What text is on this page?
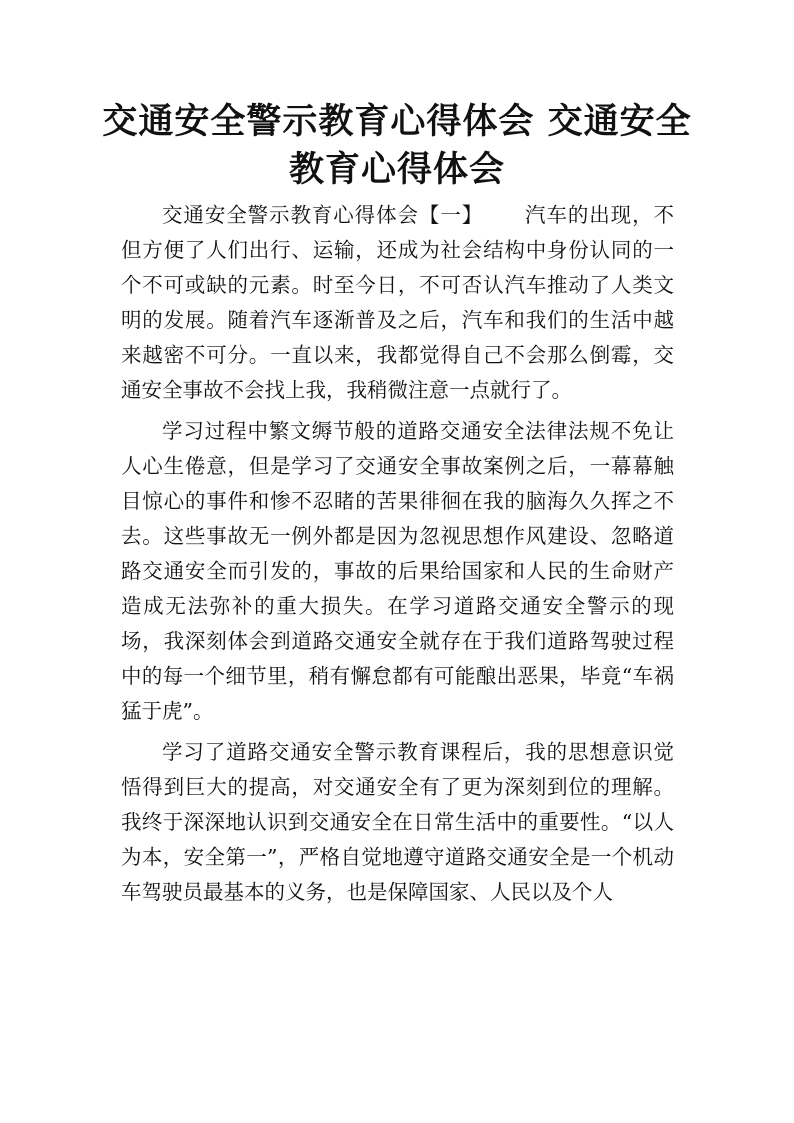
交通安全警示教育心得体会 交通安全教育心得体会

交通安全警示教育心得体会【一】 汽车的出现，不但方便了人们出行、运输，还成为社会结构中身份认同的一个不可或缺的元素。时至今日，不可否认汽车推动了人类文明的发展。随着汽车逐渐普及之后，汽车和我们的生活中越来越密不可分。一直以来，我都觉得自己不会那么倒霉，交通安全事故不会找上我，我稍微注意一点就行了。

学习过程中繁文缛节般的道路交通安全法律法规不免让人心生倦意，但是学习了交通安全事故案例之后，一幕幕触目惊心的事件和惨不忍睹的苦果徘徊在我的脑海久久挥之不去。这些事故无一例外都是因为忽视思想作风建设、忽略道路交通安全而引发的，事故的后果给国家和人民的生命财产造成无法弥补的重大损失。在学习道路交通安全警示的现场，我深刻体会到道路交通安全就存在于我们道路驾驶过程中的每一个细节里，稍有懈怠都有可能酿出恶果，毕竟“车祸猛于虎”。

学习了道路交通安全警示教育课程后，我的思想意识觉悟得到巨大的提高，对交通安全有了更为深刻到位的理解。我终于深深地认识到交通安全在日常生活中的重要性。“以人为本，安全第一”，严格自觉地遵守道路交通安全是一个机动车驾驶员最基本的义务，也是保障国家、人民以及个人
